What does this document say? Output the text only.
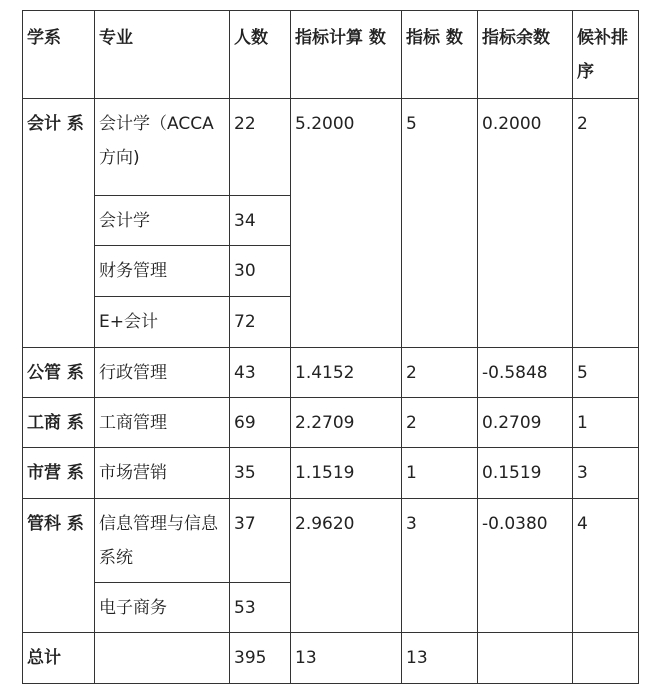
学系	专业	人数	指标计算 数	指标 数	指标余数	候补排序
会计 系	会计学（ACCA方向)	22	5.2000	5	0.2000	2
	会计学	34				
	财务管理	30				
	E+会计	72				
公管 系	行政管理	43	1.4152	2	-0.5848	5
工商 系	工商管理	69	2.2709	2	0.2709	1
市营 系	市场营销	35	1.1519	1	0.1519	3
管科 系	信息管理与信息系统	37	2.9620	3	-0.0380	4
	电子商务	53				
总计		395	13	13		
